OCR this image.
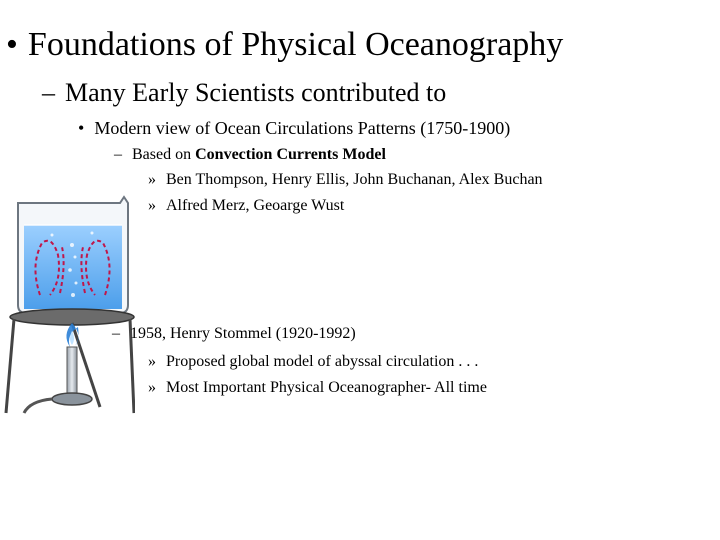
• Foundations of Physical Oceanography
– Many Early Scientists contributed to
• Modern view of Ocean Circulations Patterns (1750-1900)
– Based on Convection Currents Model
» Ben Thompson, Henry Ellis, John Buchanan, Alex Buchan
» Alfred Merz, Geoarge Wust
– 1958, Henry Stommel (1920-1992)
» Proposed global model of abyssal circulation . . .
» Most Important Physical Oceanographer- All time
